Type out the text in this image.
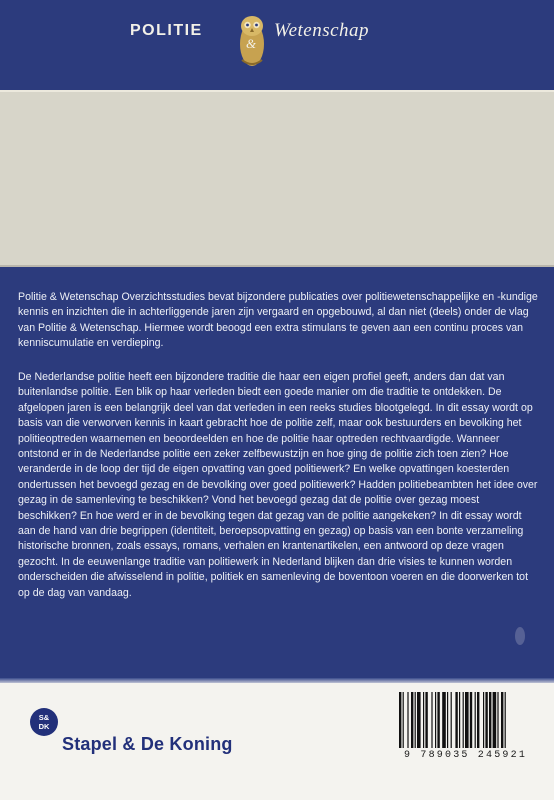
POLITIE
&
Wetenschap

Politie & Wetenschap Overzichtsstudies bevat bijzondere publicaties over politiewetenschappelijke en -kundige kennis en inzichten die in achterliggende jaren zijn vergaard en opgebouwd, al dan niet (deels) onder de vlag van Politie & Wetenschap. Hiermee wordt beoogd een extra stimulans te geven aan een continu proces van kenniscumulatie en verdieping.

De Nederlandse politie heeft een bijzondere traditie die haar een eigen profiel geeft, anders dan dat van buitenlandse politie. Een blik op haar verleden biedt een goede manier om die traditie te ontdekken. De afgelopen jaren is een belangrijk deel van dat verleden in een reeks studies blootgelegd. In dit essay wordt op basis van die verworven kennis in kaart gebracht hoe de politie zelf, maar ook bestuurders en bevolking het politieoptreden waarnemen en beoordeelden en hoe de politie haar optreden rechtvaardigde. Wanneer ontstond er in de Nederlandse politie een zeker zelfbewustzijn en hoe ging de politie zich toen zien? Hoe veranderde in de loop der tijd de eigen opvatting van goed politiewerk? En welke opvattingen koesterden ondertussen het bevoegd gezag en de bevolking over goed politiewerk? Hadden politiebeambten het idee over gezag in de samenleving te beschikken? Vond het bevoegd gezag dat de politie over gezag moest beschikken? En hoe werd er in de bevolking tegen dat gezag van de politie aangekeken? In dit essay wordt aan de hand van drie begrippen (identiteit, beroepsopvatting en gezag) op basis van een bonte verzameling historische bronnen, zoals essays, romans, verhalen en krantenartikelen, een antwoord op deze vragen gezocht. In de eeuwenlange traditie van politiewerk in Nederland blijken dan drie visies te kunnen worden onderscheiden die afwisselend in politie, politiek en samenleving de boventoon voeren en die doorwerken tot op de dag van vandaag.

S&
DK
Stapel & De Koning
9 789035 245921
